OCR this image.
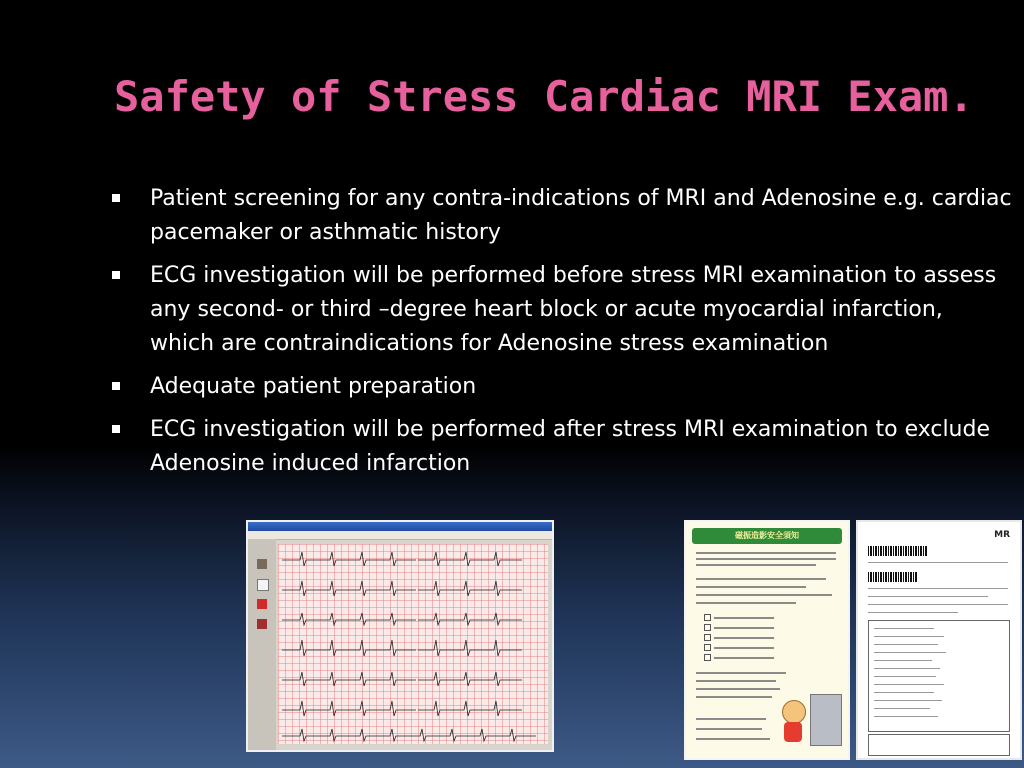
Safety of Stress Cardiac MRI Exam.
Patient screening for any contra-indications of MRI and Adenosine e.g. cardiac pacemaker or asthmatic history
ECG investigation will be performed before stress MRI examination to assess any second- or third –degree heart block or acute myocardial infarction, which are contraindications for Adenosine stress examination
Adequate patient preparation
ECG investigation will be performed after stress MRI examination to exclude Adenosine induced infarction
磁振造影安全須知	MR
